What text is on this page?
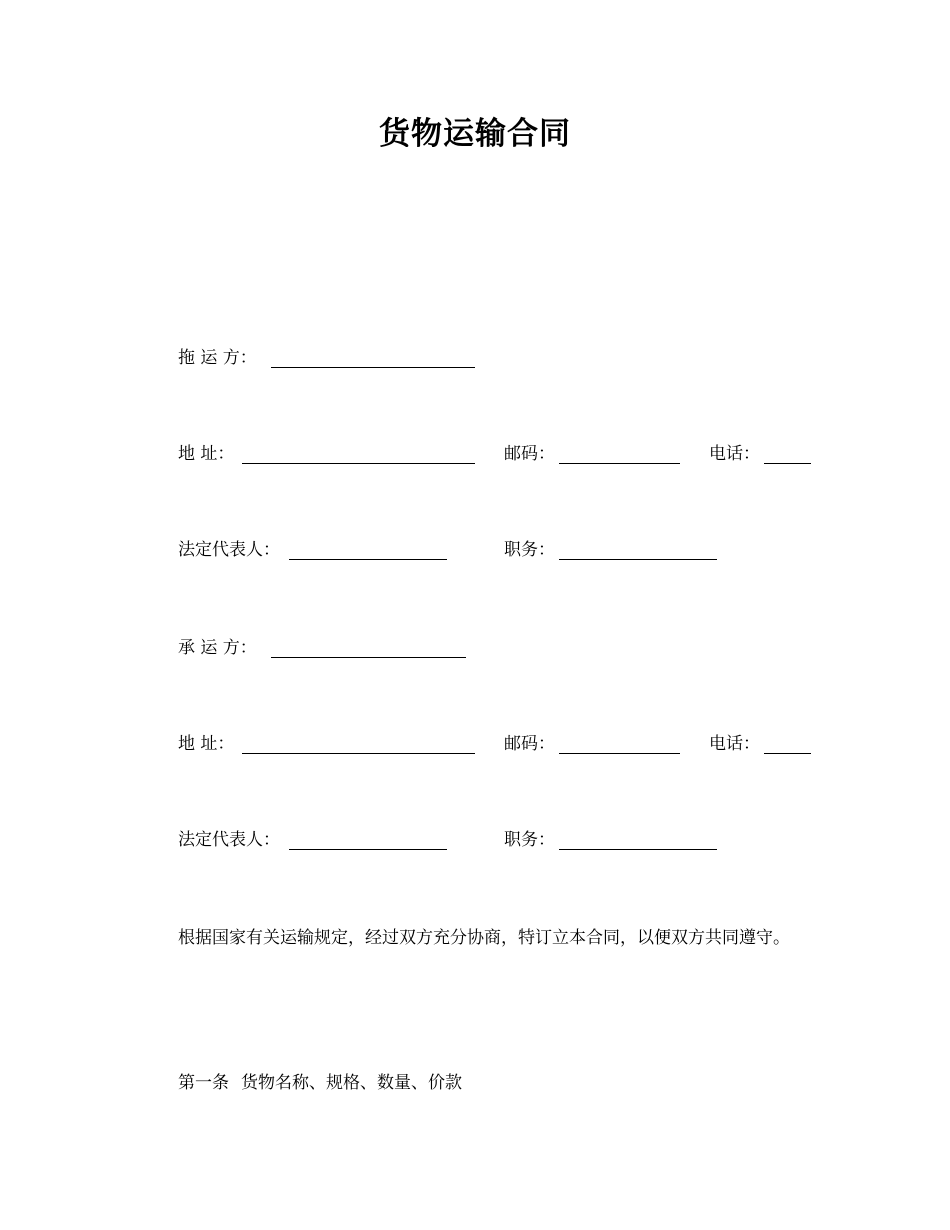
货物运输合同
拖 运 方：
地 址：	邮码：	电话：
法定代表人：	职务：
承 运 方：
地 址：	邮码：	电话：
法定代表人：	职务：
根据国家有关运输规定，经过双方充分协商，特订立本合同，以便双方共同遵守。
第一条 货物名称、规格、数量、价款
